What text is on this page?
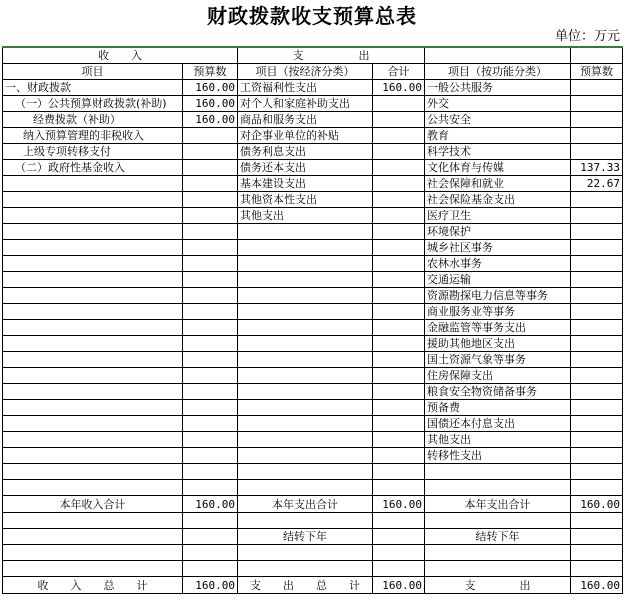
财政拨款收支预算总表
单位：万元
收　　入		支　　　　　出			
项目	预算数	项目（按经济分类）	合计	项目（按功能分类）	预算数
一、财政拨款	160.00	工资福利性支出	160.00	一般公共服务	
（一）公共预算财政拨款(补助)	160.00	对个人和家庭补助支出		外交	
经费拨款（补助）	160.00	商品和服务支出		公共安全	
纳入预算管理的非税收入		对企事业单位的补贴		教育	
上级专项转移支付		债务利息支出		科学技术	
（二）政府性基金收入		债务还本支出		文化体育与传媒	137.33
		基本建设支出		社会保障和就业	22.67
		其他资本性支出		社会保险基金支出	
		其他支出		医疗卫生	
				环境保护	
				城乡社区事务	
				农林水事务	
				交通运输	
				资源勘探电力信息等事务	
				商业服务业等事务	
				金融监管等事务支出	
				援助其他地区支出	
				国土资源气象等事务	
				住房保障支出	
				粮食安全物资储备事务	
				预备费	
				国债还本付息支出	
				其他支出	
				转移性支出	

本年收入合计	160.00	本年支出合计	160.00	本年支出合计	160.00

		结转下年		结转下年	

收　　入　　总　　计	160.00	支　　出　　总　　计	160.00	支　　　　出	160.00
